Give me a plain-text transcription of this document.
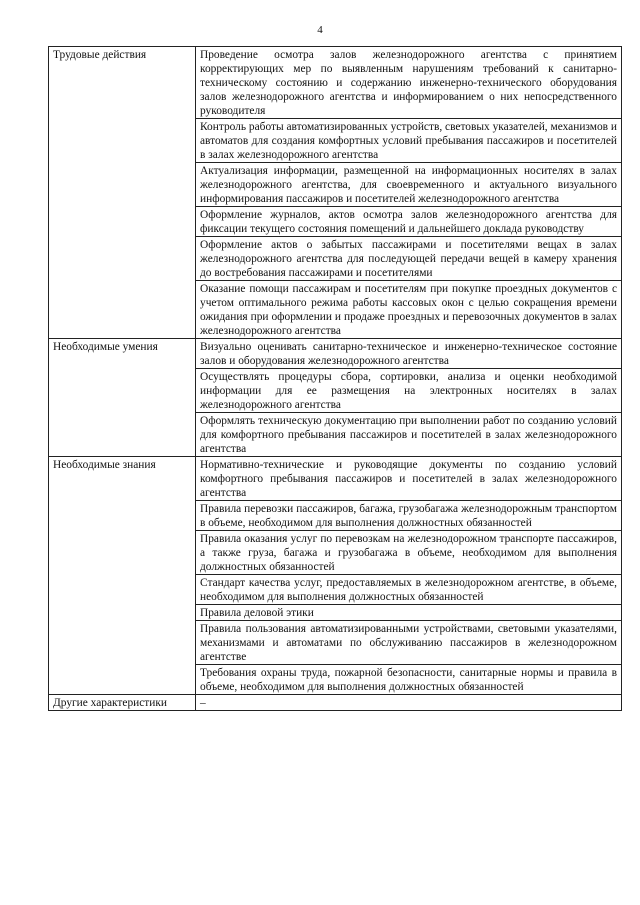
4
Трудовые действия	Проведение осмотра залов железнодорожного агентства с принятием корректирующих мер по выявленным нарушениям требований к санитарно-техническому состоянию и содержанию инженерно-технического оборудования залов железнодорожного агентства и информированием о них непосредственного руководителя
	Контроль работы автоматизированных устройств, световых указателей, механизмов и автоматов для создания комфортных условий пребывания пассажиров и посетителей в залах железнодорожного агентства
	Актуализация информации, размещенной на информационных носителях в залах железнодорожного агентства, для своевременного и актуального визуального информирования пассажиров и посетителей железнодорожного агентства
	Оформление журналов, актов осмотра залов железнодорожного агентства для фиксации текущего состояния помещений и дальнейшего доклада руководству
	Оформление актов о забытых пассажирами и посетителями вещах в залах железнодорожного агентства для последующей передачи вещей в камеру хранения до востребования пассажирами и посетителями
	Оказание помощи пассажирам и посетителям при покупке проездных документов с учетом оптимального режима работы кассовых окон с целью сокращения времени ожидания при оформлении и продаже проездных и перевозочных документов в залах железнодорожного агентства
Необходимые умения	Визуально оценивать санитарно-техническое и инженерно-техническое состояние залов и оборудования железнодорожного агентства
	Осуществлять процедуры сбора, сортировки, анализа и оценки необходимой информации для ее размещения на электронных носителях в залах железнодорожного агентства
	Оформлять техническую документацию при выполнении работ по созданию условий для комфортного пребывания пассажиров и посетителей в залах железнодорожного агентства
Необходимые знания	Нормативно-технические и руководящие документы по созданию условий комфортного пребывания пассажиров и посетителей в залах железнодорожного агентства
	Правила перевозки пассажиров, багажа, грузобагажа железнодорожным транспортом в объеме, необходимом для выполнения должностных обязанностей
	Правила оказания услуг по перевозкам на железнодорожном транспорте пассажиров, а также груза, багажа и грузобагажа в объеме, необходимом для выполнения должностных обязанностей
	Стандарт качества услуг, предоставляемых в железнодорожном агентстве, в объеме, необходимом для выполнения должностных обязанностей
	Правила деловой этики
	Правила пользования автоматизированными устройствами, световыми указателями, механизмами и автоматами по обслуживанию пассажиров в железнодорожном агентстве
	Требования охраны труда, пожарной безопасности, санитарные нормы и правила в объеме, необходимом для выполнения должностных обязанностей
Другие характеристики	–
